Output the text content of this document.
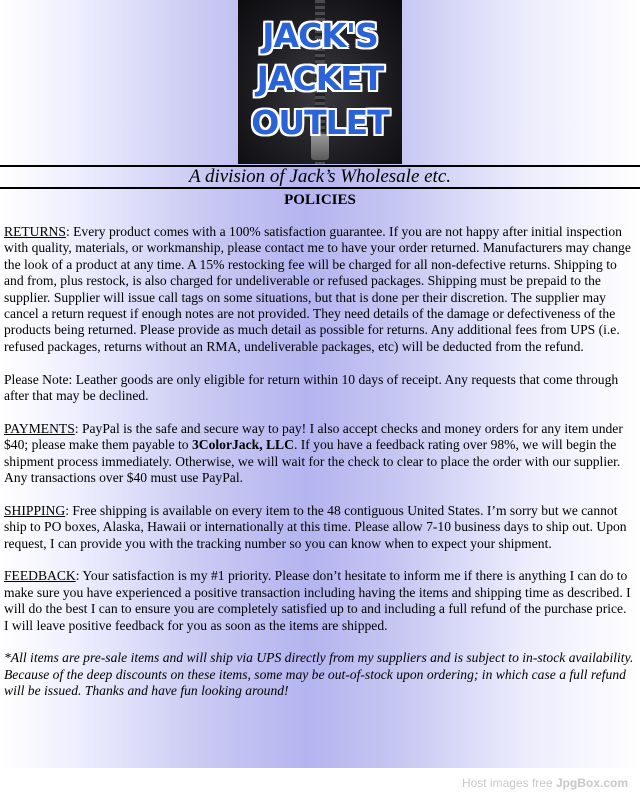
JACK'S
JACKET
OUTLET
A division of Jack’s Wholesale etc.
POLICIES

RETURNS: Every product comes with a 100% satisfaction guarantee. If you are not happy after initial inspection with quality, materials, or workmanship, please contact me to have your order returned. Manufacturers may change the look of a product at any time. A 15% restocking fee will be charged for all non-defective returns. Shipping to and from, plus restock, is also charged for undeliverable or refused packages. Shipping must be prepaid to the supplier. Supplier will issue call tags on some situations, but that is done per their discretion. The supplier may cancel a return request if enough notes are not provided. They need details of the damage or defectiveness of the products being returned. Please provide as much detail as possible for returns. Any additional fees from UPS (i.e. refused packages, returns without an RMA, undeliverable packages, etc) will be deducted from the refund.

Please Note: Leather goods are only eligible for return within 10 days of receipt. Any requests that come through after that may be declined.

PAYMENTS: PayPal is the safe and secure way to pay! I also accept checks and money orders for any item under $40; please make them payable to 3ColorJack, LLC. If you have a feedback rating over 98%, we will begin the shipment process immediately. Otherwise, we will wait for the check to clear to place the order with our supplier. Any transactions over $40 must use PayPal.

SHIPPING: Free shipping is available on every item to the 48 contiguous United States. I’m sorry but we cannot ship to PO boxes, Alaska, Hawaii or internationally at this time. Please allow 7-10 business days to ship out. Upon request, I can provide you with the tracking number so you can know when to expect your shipment.

FEEDBACK: Your satisfaction is my #1 priority. Please don’t hesitate to inform me if there is anything I can do to make sure you have experienced a positive transaction including having the items and shipping time as described. I will do the best I can to ensure you are completely satisfied up to and including a full refund of the purchase price. I will leave positive feedback for you as soon as the items are shipped.

*All items are pre-sale items and will ship via UPS directly from my suppliers and is subject to in-stock availability. Because of the deep discounts on these items, some may be out-of-stock upon ordering; in which case a full refund will be issued. Thanks and have fun looking around!

Host images free JpgBox.com
